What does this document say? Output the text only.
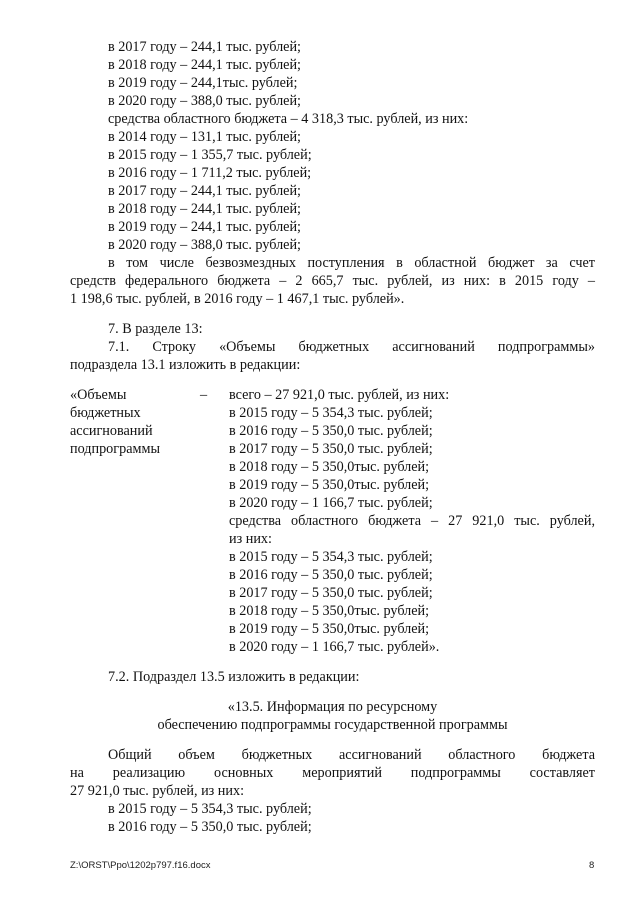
в 2017 году – 244,1 тыс. рублей;
в 2018 году – 244,1 тыс. рублей;
в 2019 году – 244,1тыс. рублей;
в 2020 году – 388,0 тыс. рублей;
средства областного бюджета – 4 318,3 тыс. рублей, из них:
в 2014 году – 131,1 тыс. рублей;
в 2015 году – 1 355,7 тыс. рублей;
в 2016 году – 1 711,2 тыс. рублей;
в 2017 году – 244,1 тыс. рублей;
в 2018 году – 244,1 тыс. рублей;
в 2019 году – 244,1 тыс. рублей;
в 2020 году – 388,0 тыс. рублей;
в том числе безвозмездных поступления в областной бюджет за счет
средств федерального бюджета – 2 665,7 тыс. рублей, из них: в 2015 году –
1 198,6 тыс. рублей, в 2016 году – 1 467,1 тыс. рублей».
7. В разделе 13:
7.1. Строку «Объемы бюджетных ассигнований подпрограммы»
подраздела 13.1 изложить в редакции:
«Объемы
бюджетных
ассигнований
подпрограммы
– всего – 27 921,0 тыс. рублей, из них:
в 2015 году – 5 354,3 тыс. рублей;
в 2016 году – 5 350,0 тыс. рублей;
в 2017 году – 5 350,0 тыс. рублей;
в 2018 году – 5 350,0тыс. рублей;
в 2019 году – 5 350,0тыс. рублей;
в 2020 году – 1 166,7 тыс. рублей;
средства областного бюджета – 27 921,0 тыс. рублей,
из них:
в 2015 году – 5 354,3 тыс. рублей;
в 2016 году – 5 350,0 тыс. рублей;
в 2017 году – 5 350,0 тыс. рублей;
в 2018 году – 5 350,0тыс. рублей;
в 2019 году – 5 350,0тыс. рублей;
в 2020 году – 1 166,7 тыс. рублей».
7.2. Подраздел 13.5 изложить в редакции:
«13.5. Информация по ресурсному
обеспечению подпрограммы государственной программы
Общий объем бюджетных ассигнований областного бюджета
на реализацию основных мероприятий подпрограммы составляет
27 921,0 тыс. рублей, из них:
в 2015 году – 5 354,3 тыс. рублей;
в 2016 году – 5 350,0 тыс. рублей;
Z:\ORST\Ppo\1202p797.f16.docx	8
